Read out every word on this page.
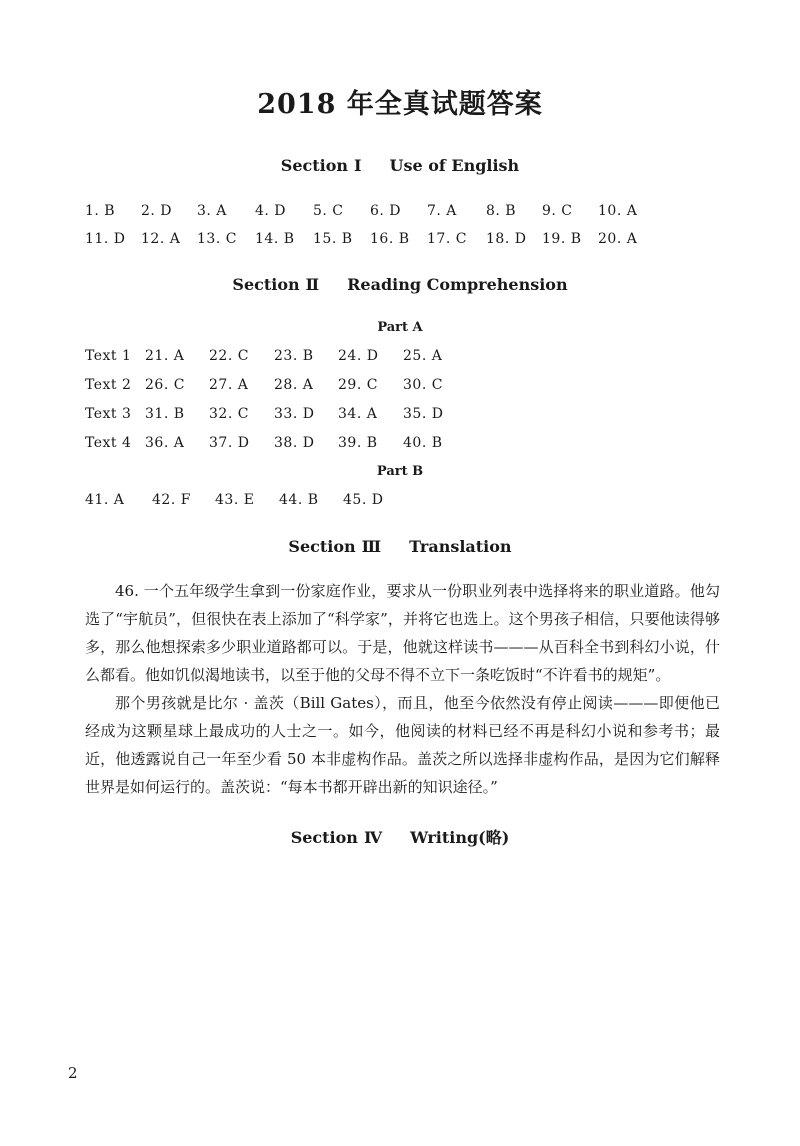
2018 年全真试题答案
Section Ⅰ Use of English
1. B 2. D 3. A 4. D 5. C 6. D 7. A 8. B 9. C 10. A
11. D 12. A 13. C 14. B 15. B 16. B 17. C 18. D 19. B 20. A
Section Ⅱ Reading Comprehension
Part A
Text 1 21. A 22. C 23. B 24. D 25. A
Text 2 26. C 27. A 28. A 29. C 30. C
Text 3 31. B 32. C 33. D 34. A 35. D
Text 4 36. A 37. D 38. D 39. B 40. B
Part B
41. A 42. F 43. E 44. B 45. D
Section Ⅲ Translation
46. 一个五年级学生拿到一份家庭作业，要求从一份职业列表中选择将来的职业道路。他勾选了“宇航员”，但很快在表上添加了“科学家”，并将它也选上。这个男孩子相信，只要他读得够多，那么他想探索多少职业道路都可以。于是，他就这样读书———从百科全书到科幻小说，什么都看。他如饥似渴地读书，以至于他的父母不得不立下一条吃饭时“不许看书的规矩”。
那个男孩就是比尔 · 盖茨（Bill Gates），而且，他至今依然没有停止阅读———即便他已经成为这颗星球上最成功的人士之一。如今，他阅读的材料已经不再是科幻小说和参考书；最近，他透露说自己一年至少看 50 本非虚构作品。盖茨之所以选择非虚构作品，是因为它们解释世界是如何运行的。盖茨说：“每本书都开辟出新的知识途径。”
Section Ⅳ Writing(略)
2
